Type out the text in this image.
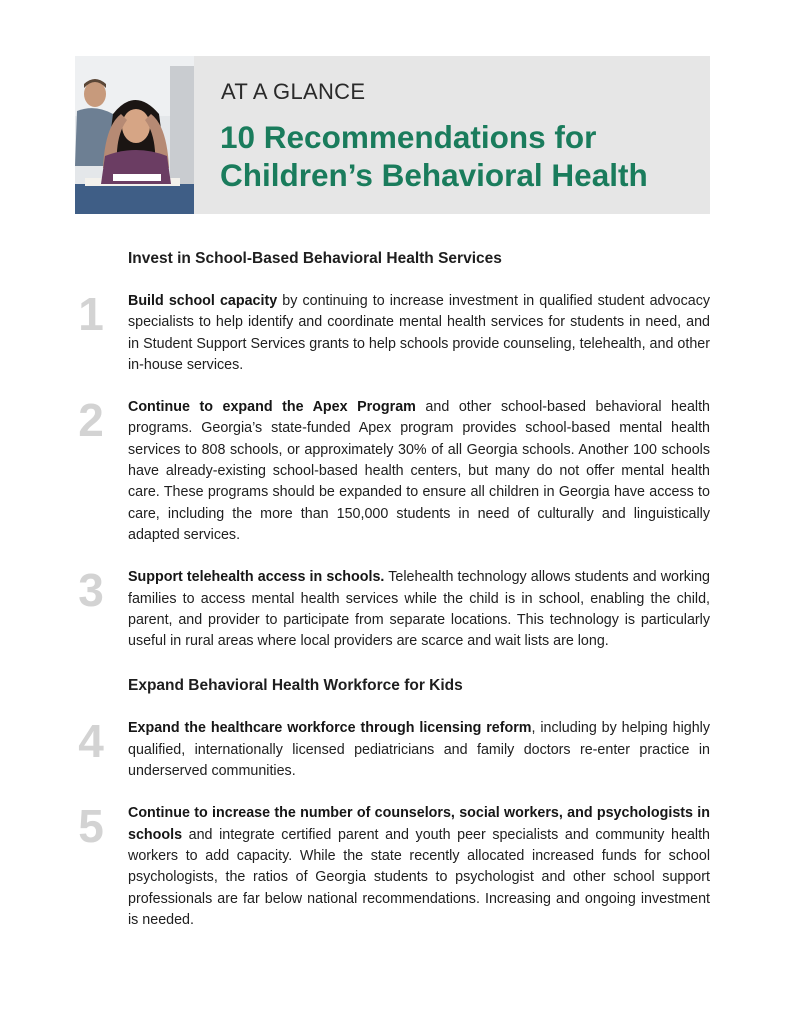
AT A GLANCE
10 Recommendations for
Children’s Behavioral Health
Invest in School-Based Behavioral Health Services
1	Build school capacity by continuing to increase investment in qualified student advocacy specialists to help identify and coordinate mental health services for students in need, and in Student Support Services grants to help schools provide counseling, telehealth, and other in-house services.

2	Continue to expand the Apex Program and other school-based behavioral health programs. Georgia’s state-funded Apex program provides school-based mental health services to 808 schools, or approximately 30% of all Georgia schools. Another 100 schools have already-existing school-based health centers, but many do not offer mental health care. These programs should be expanded to ensure all children in Georgia have access to care, including the more than 150,000 students in need of culturally and linguistically adapted services.

3	Support telehealth access in schools. Telehealth technology allows students and working families to access mental health services while the child is in school, enabling the child, parent, and provider to participate from separate locations. This technology is particularly useful in rural areas where local providers are scarce and wait lists are long.

Expand Behavioral Health Workforce for Kids
4	Expand the healthcare workforce through licensing reform, including by helping highly qualified, internationally licensed pediatricians and family doctors re-enter practice in underserved communities.

5	Continue to increase the number of counselors, social workers, and psychologists in schools and integrate certified parent and youth peer specialists and community health workers to add capacity. While the state recently allocated increased funds for school psychologists, the ratios of Georgia students to psychologist and other school support professionals are far below national recommendations. Increasing and ongoing investment is needed.
